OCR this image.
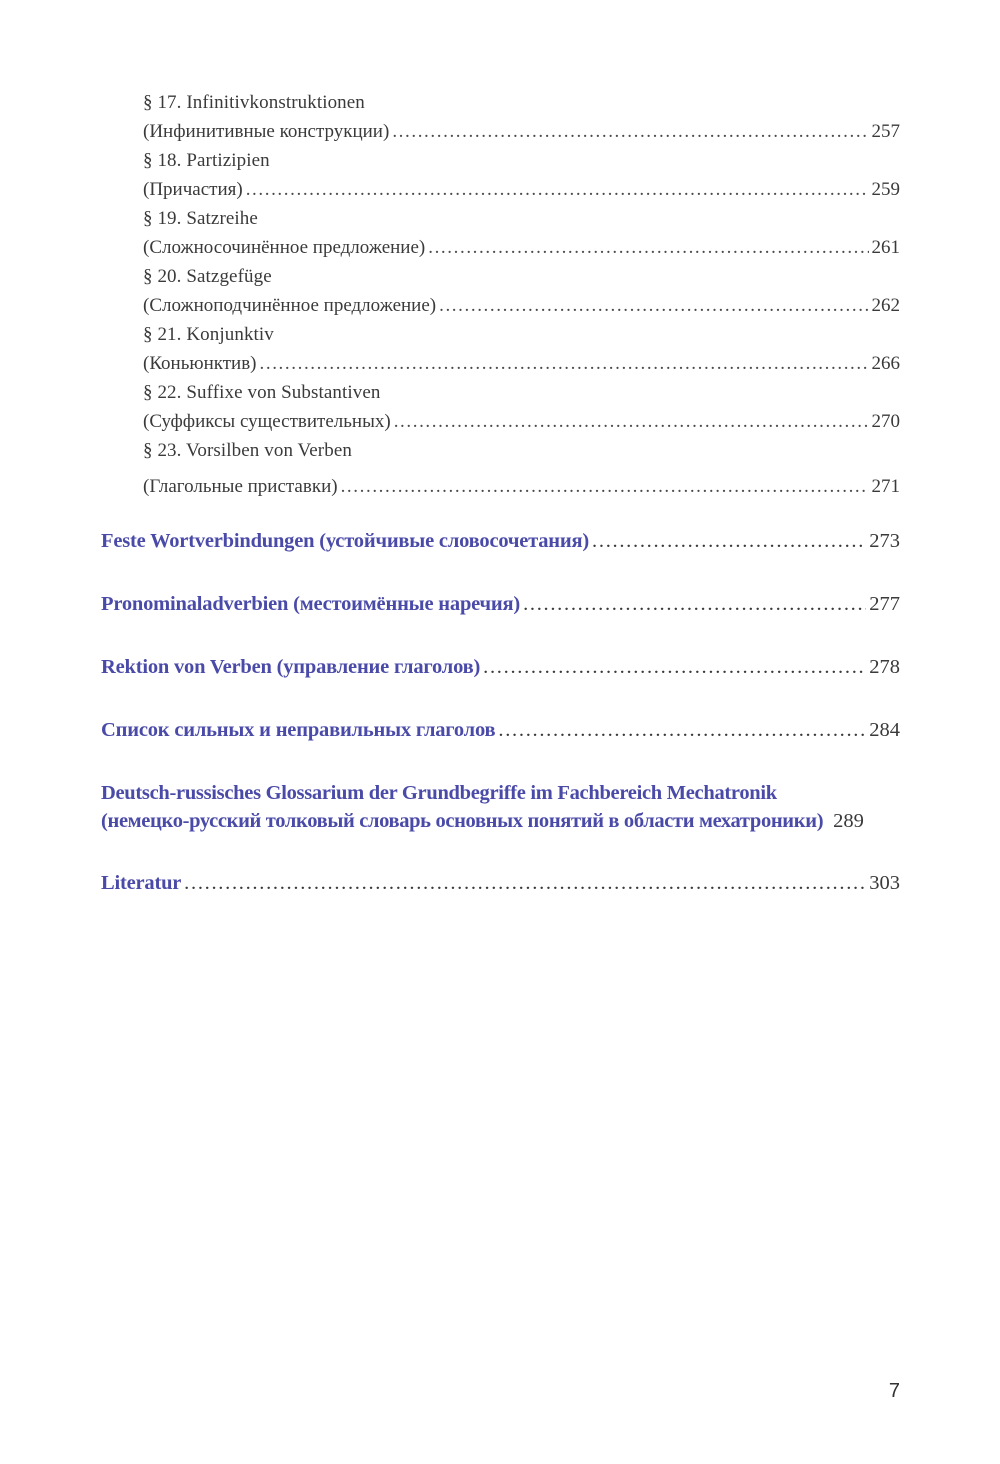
§ 17. Infinitivkonstruktionen
(Инфинитивные конструкции) .....	257
§ 18. Partizipien
(Причастия) .....	259
§ 19. Satzreihe
(Сложносочинённое предложение) .....	261
§ 20. Satzgefüge
(Сложноподчинённое предложение) .....	262
§ 21. Konjunktiv
(Коньюнктив) .....	266
§ 22. Suffixe von Substantiven
(Суффиксы существительных) .....	270
§ 23. Vorsilben von Verben
(Глагольные приставки) .....	271
Feste Wortverbindungen (устойчивые словосочетания) .....	273
Pronominaladverbien (местоимённые наречия) .....	277
Rektion von Verben (управление глаголов) .....	278
Список сильных и неправильных глаголов .....	284
Deutsch-russisches Glossarium der Grundbegriffe im Fachbereich Mechatronik
(немецко-русский толковый словарь основных понятий в области мехатроники) 289
Literatur .....	303
7
